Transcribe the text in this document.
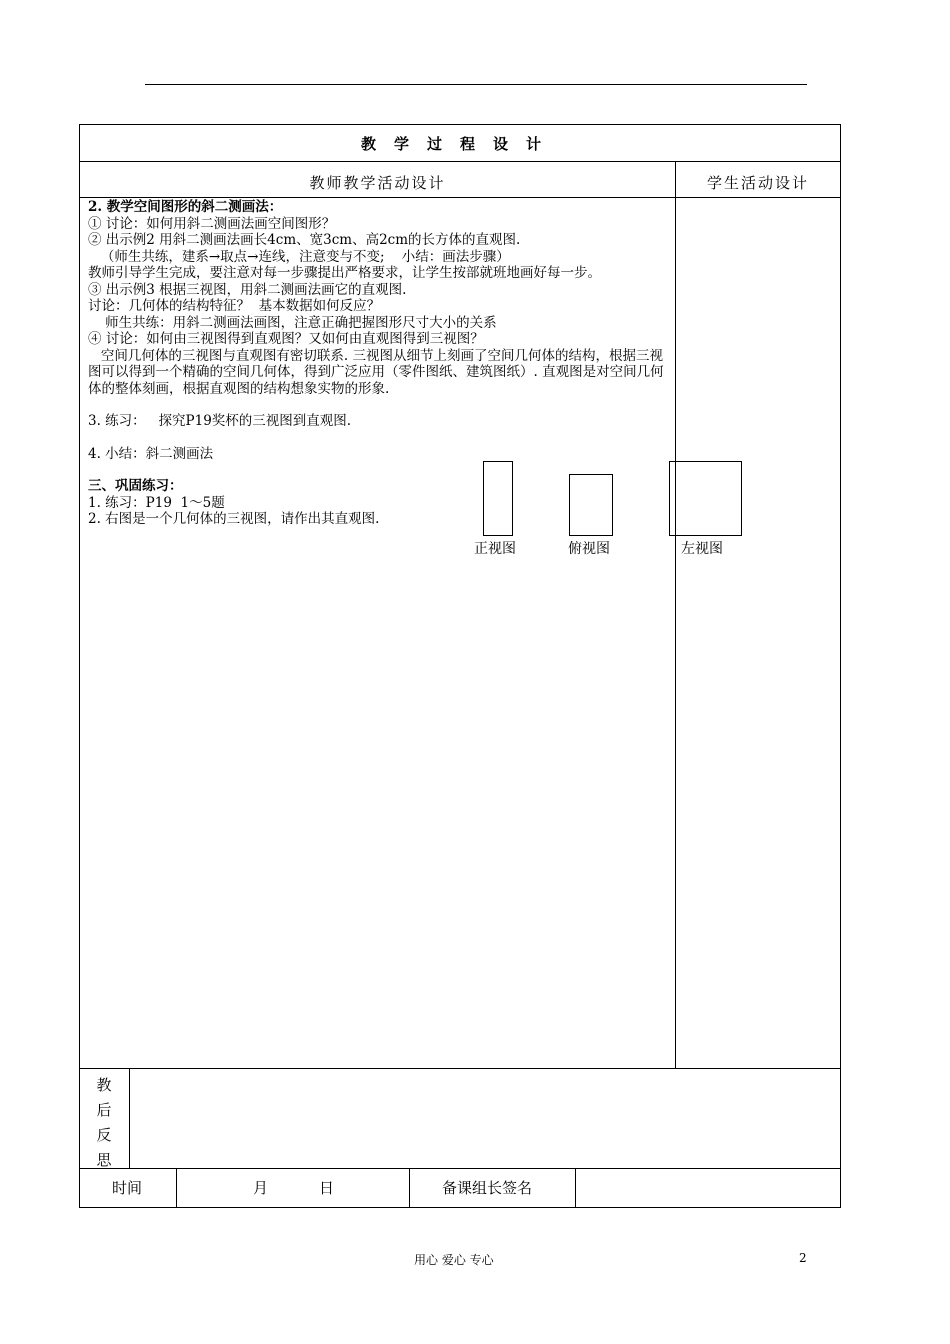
教学过程设计
教师教学活动设计	学生活动设计

2. 教学空间图形的斜二测画法：

① 讨论：如何用斜二测画法画空间图形？

② 出示例2 用斜二测画法画长4cm、宽3cm、高2cm的长方体的直观图.

（师生共练，建系→取点→连线，注意变与不变;    小结：画法步骤）

教师引导学生完成，要注意对每一步骤提出严格要求，让学生按部就班地画好每一步。

③ 出示例3 根据三视图，用斜二测画法画它的直观图.

讨论：几何体的结构特征？  基本数据如何反应？

师生共练：用斜二测画法画图，注意正确把握图形尺寸大小的关系

④ 讨论：如何由三视图得到直观图？又如何由直观图得到三视图？

空间几何体的三视图与直观图有密切联系. 三视图从细节上刻画了空间几何体的结构，根据三视图可以得到一个精确的空间几何体，得到广泛应用（零件图纸、建筑图纸）. 直观图是对空间几何体的整体刻画，根据直观图的结构想象实物的形象.

3. 练习：   探究P19奖杯的三视图到直观图.

4. 小结：斜二测画法

三、巩固练习：

1. 练习：P19  1～5题

2. 右图是一个几何体的三视图，请作出其直观图.

正视图	俯视图	左视图
教后反思
时间	月	日	备课组长签名
用心 爱心 专心	2
